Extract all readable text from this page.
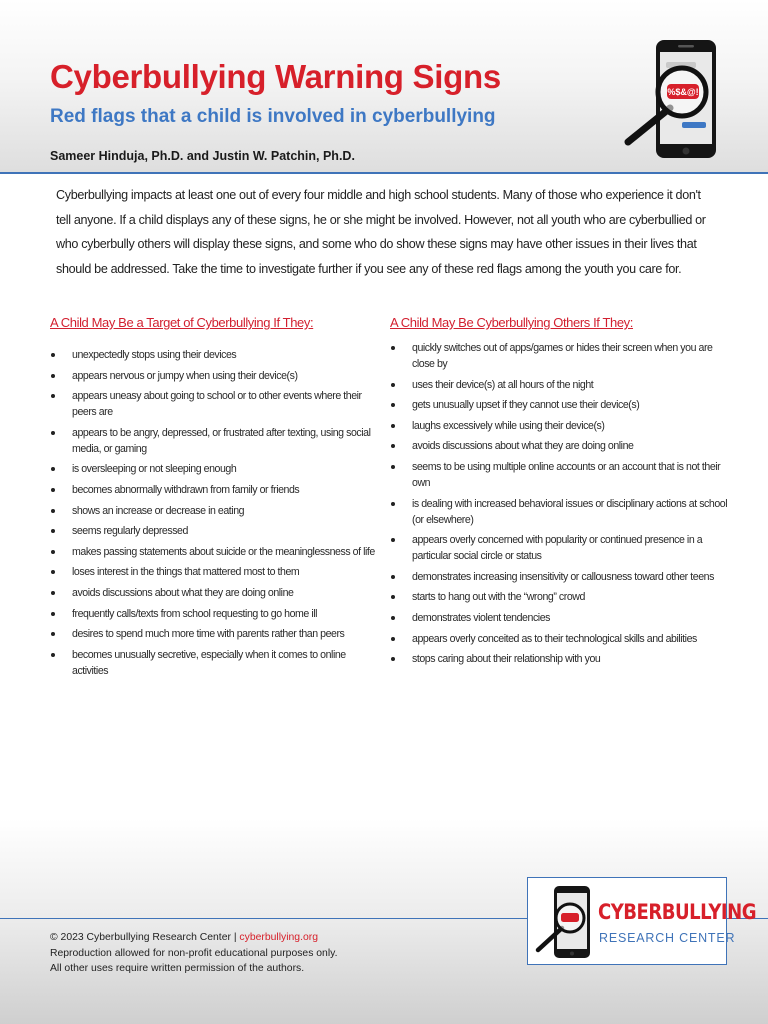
Cyberbullying Warning Signs
Red flags that a child is involved in cyberbullying

Sameer Hinduja, Ph.D. and Justin W. Patchin, Ph.D.

%$&@!

Cyberbullying impacts at least one out of every four middle and high school students. Many of those who experience it don't tell anyone. If a child displays any of these signs, he or she might be involved. However, not all youth who are cyberbullied or who cyberbully others will display these signs, and some who do show these signs may have other issues in their lives that should be addressed. Take the time to investigate further if you see any of these red flags among the youth you care for.

A Child May Be a Target of Cyberbullying If They:
unexpectedly stops using their devices
appears nervous or jumpy when using their device(s)
appears uneasy about going to school or to other events where their peers are
appears to be angry, depressed, or frustrated after texting, using social media, or gaming
is oversleeping or not sleeping enough
becomes abnormally withdrawn from family or friends
shows an increase or decrease in eating
seems regularly depressed
makes passing statements about suicide or the meaninglessness of life
loses interest in the things that mattered most to them
avoids discussions about what they are doing online
frequently calls/texts from school requesting to go home ill
desires to spend much more time with parents rather than peers
becomes unusually secretive, especially when it comes to online activities
A Child May Be Cyberbullying Others If They:
quickly switches out of apps/games or hides their screen when you are close by
uses their device(s) at all hours of the night
gets unusually upset if they cannot use their device(s)
laughs excessively while using their device(s)
avoids discussions about what they are doing online
seems to be using multiple online accounts or an account that is not their own
is dealing with increased behavioral issues or disciplinary actions at school (or elsewhere)
appears overly concerned with popularity or continued presence in a particular social circle or status
demonstrates increasing insensitivity or callousness toward other teens
starts to hang out with the “wrong” crowd
demonstrates violent tendencies
appears overly conceited as to their technological skills and abilities
stops caring about their relationship with you
© 2023 Cyberbullying Research Center | cyberbullying.org
Reproduction allowed for non-profit educational purposes only.
All other uses require written permission of the authors.
CYBERBULLYING
RESEARCH CENTER
